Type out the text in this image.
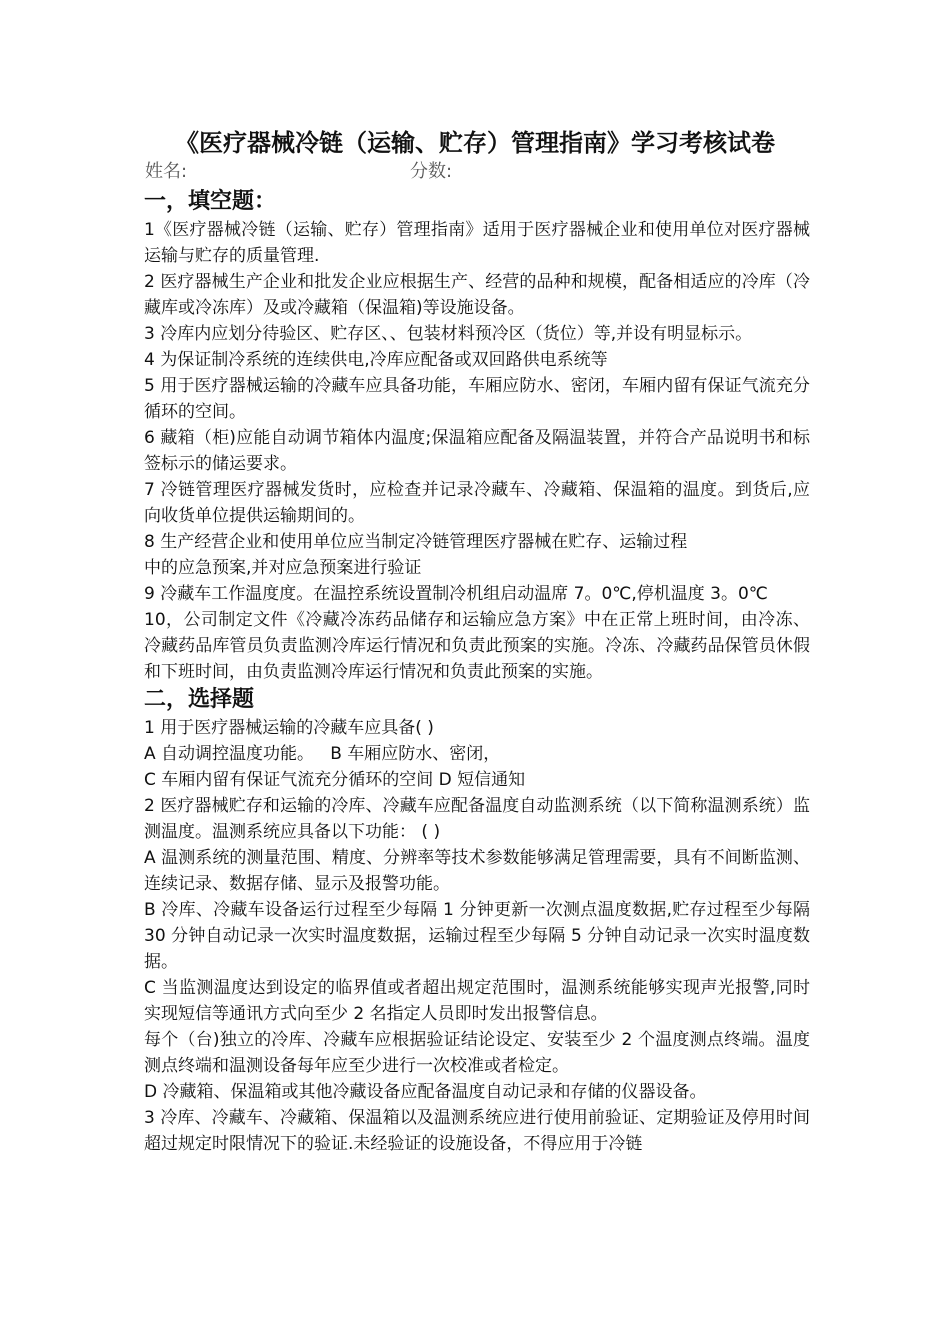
《医疗器械冷链（运输、贮存）管理指南》学习考核试卷
姓名:	分数:
一，填空题：

1《医疗器械冷链（运输、贮存）管理指南》适用于医疗器械企业和使用单位对医疗器械运输与贮存的质量管理.

2 医疗器械生产企业和批发企业应根据生产、经营的品种和规模，配备相适应的冷库（冷藏库或冷冻库）及或冷藏箱（保温箱)等设施设备。

3 冷库内应划分待验区、贮存区、、包装材料预冷区（货位）等,并设有明显标示。

4 为保证制冷系统的连续供电,冷库应配备或双回路供电系统等

5 用于医疗器械运输的冷藏车应具备功能，车厢应防水、密闭，车厢内留有保证气流充分循环的空间。

6 藏箱（柜)应能自动调节箱体内温度;保温箱应配备及隔温装置，并符合产品说明书和标签标示的储运要求。

7 冷链管理医疗器械发货时，应检查并记录冷藏车、冷藏箱、保温箱的温度。到货后,应向收货单位提供运输期间的。

8 生产经营企业和使用单位应当制定冷链管理医疗器械在贮存、运输过程
中的应急预案,并对应急预案进行验证

9 冷藏车工作温度度。在温控系统设置制冷机组启动温席 7。0℃,停机温度 3。0℃

10，公司制定文件《冷藏冷冻药品储存和运输应急方案》中在正常上班时间，由冷冻、冷藏药品库管员负责监测冷库运行情况和负责此预案的实施。冷冻、冷藏药品保管员休假和下班时间，由负责监测冷库运行情况和负责此预案的实施。

二，选择题

1 用于医疗器械运输的冷藏车应具备( )

A 自动调控温度功能。   B 车厢应防水、密闭，

C 车厢内留有保证气流充分循环的空间 D 短信通知

2 医疗器械贮存和运输的冷库、冷藏车应配备温度自动监测系统（以下简称温测系统）监测温度。温测系统应具备以下功能： ( )

A 温测系统的测量范围、精度、分辨率等技术参数能够满足管理需要，具有不间断监测、连续记录、数据存储、显示及报警功能。

B 冷库、冷藏车设备运行过程至少每隔 1 分钟更新一次测点温度数据,贮存过程至少每隔 30 分钟自动记录一次实时温度数据，运输过程至少每隔 5 分钟自动记录一次实时温度数据。

C 当监测温度达到设定的临界值或者超出规定范围时，温测系统能够实现声光报警,同时实现短信等通讯方式向至少 2 名指定人员即时发出报警信息。

每个（台)独立的冷库、冷藏车应根据验证结论设定、安装至少 2 个温度测点终端。温度测点终端和温测设备每年应至少进行一次校准或者检定。

D 冷藏箱、保温箱或其他冷藏设备应配备温度自动记录和存储的仪器设备。

3 冷库、冷藏车、冷藏箱、保温箱以及温测系统应进行使用前验证、定期验证及停用时间超过规定时限情况下的验证.未经验证的设施设备，不得应用于冷链
